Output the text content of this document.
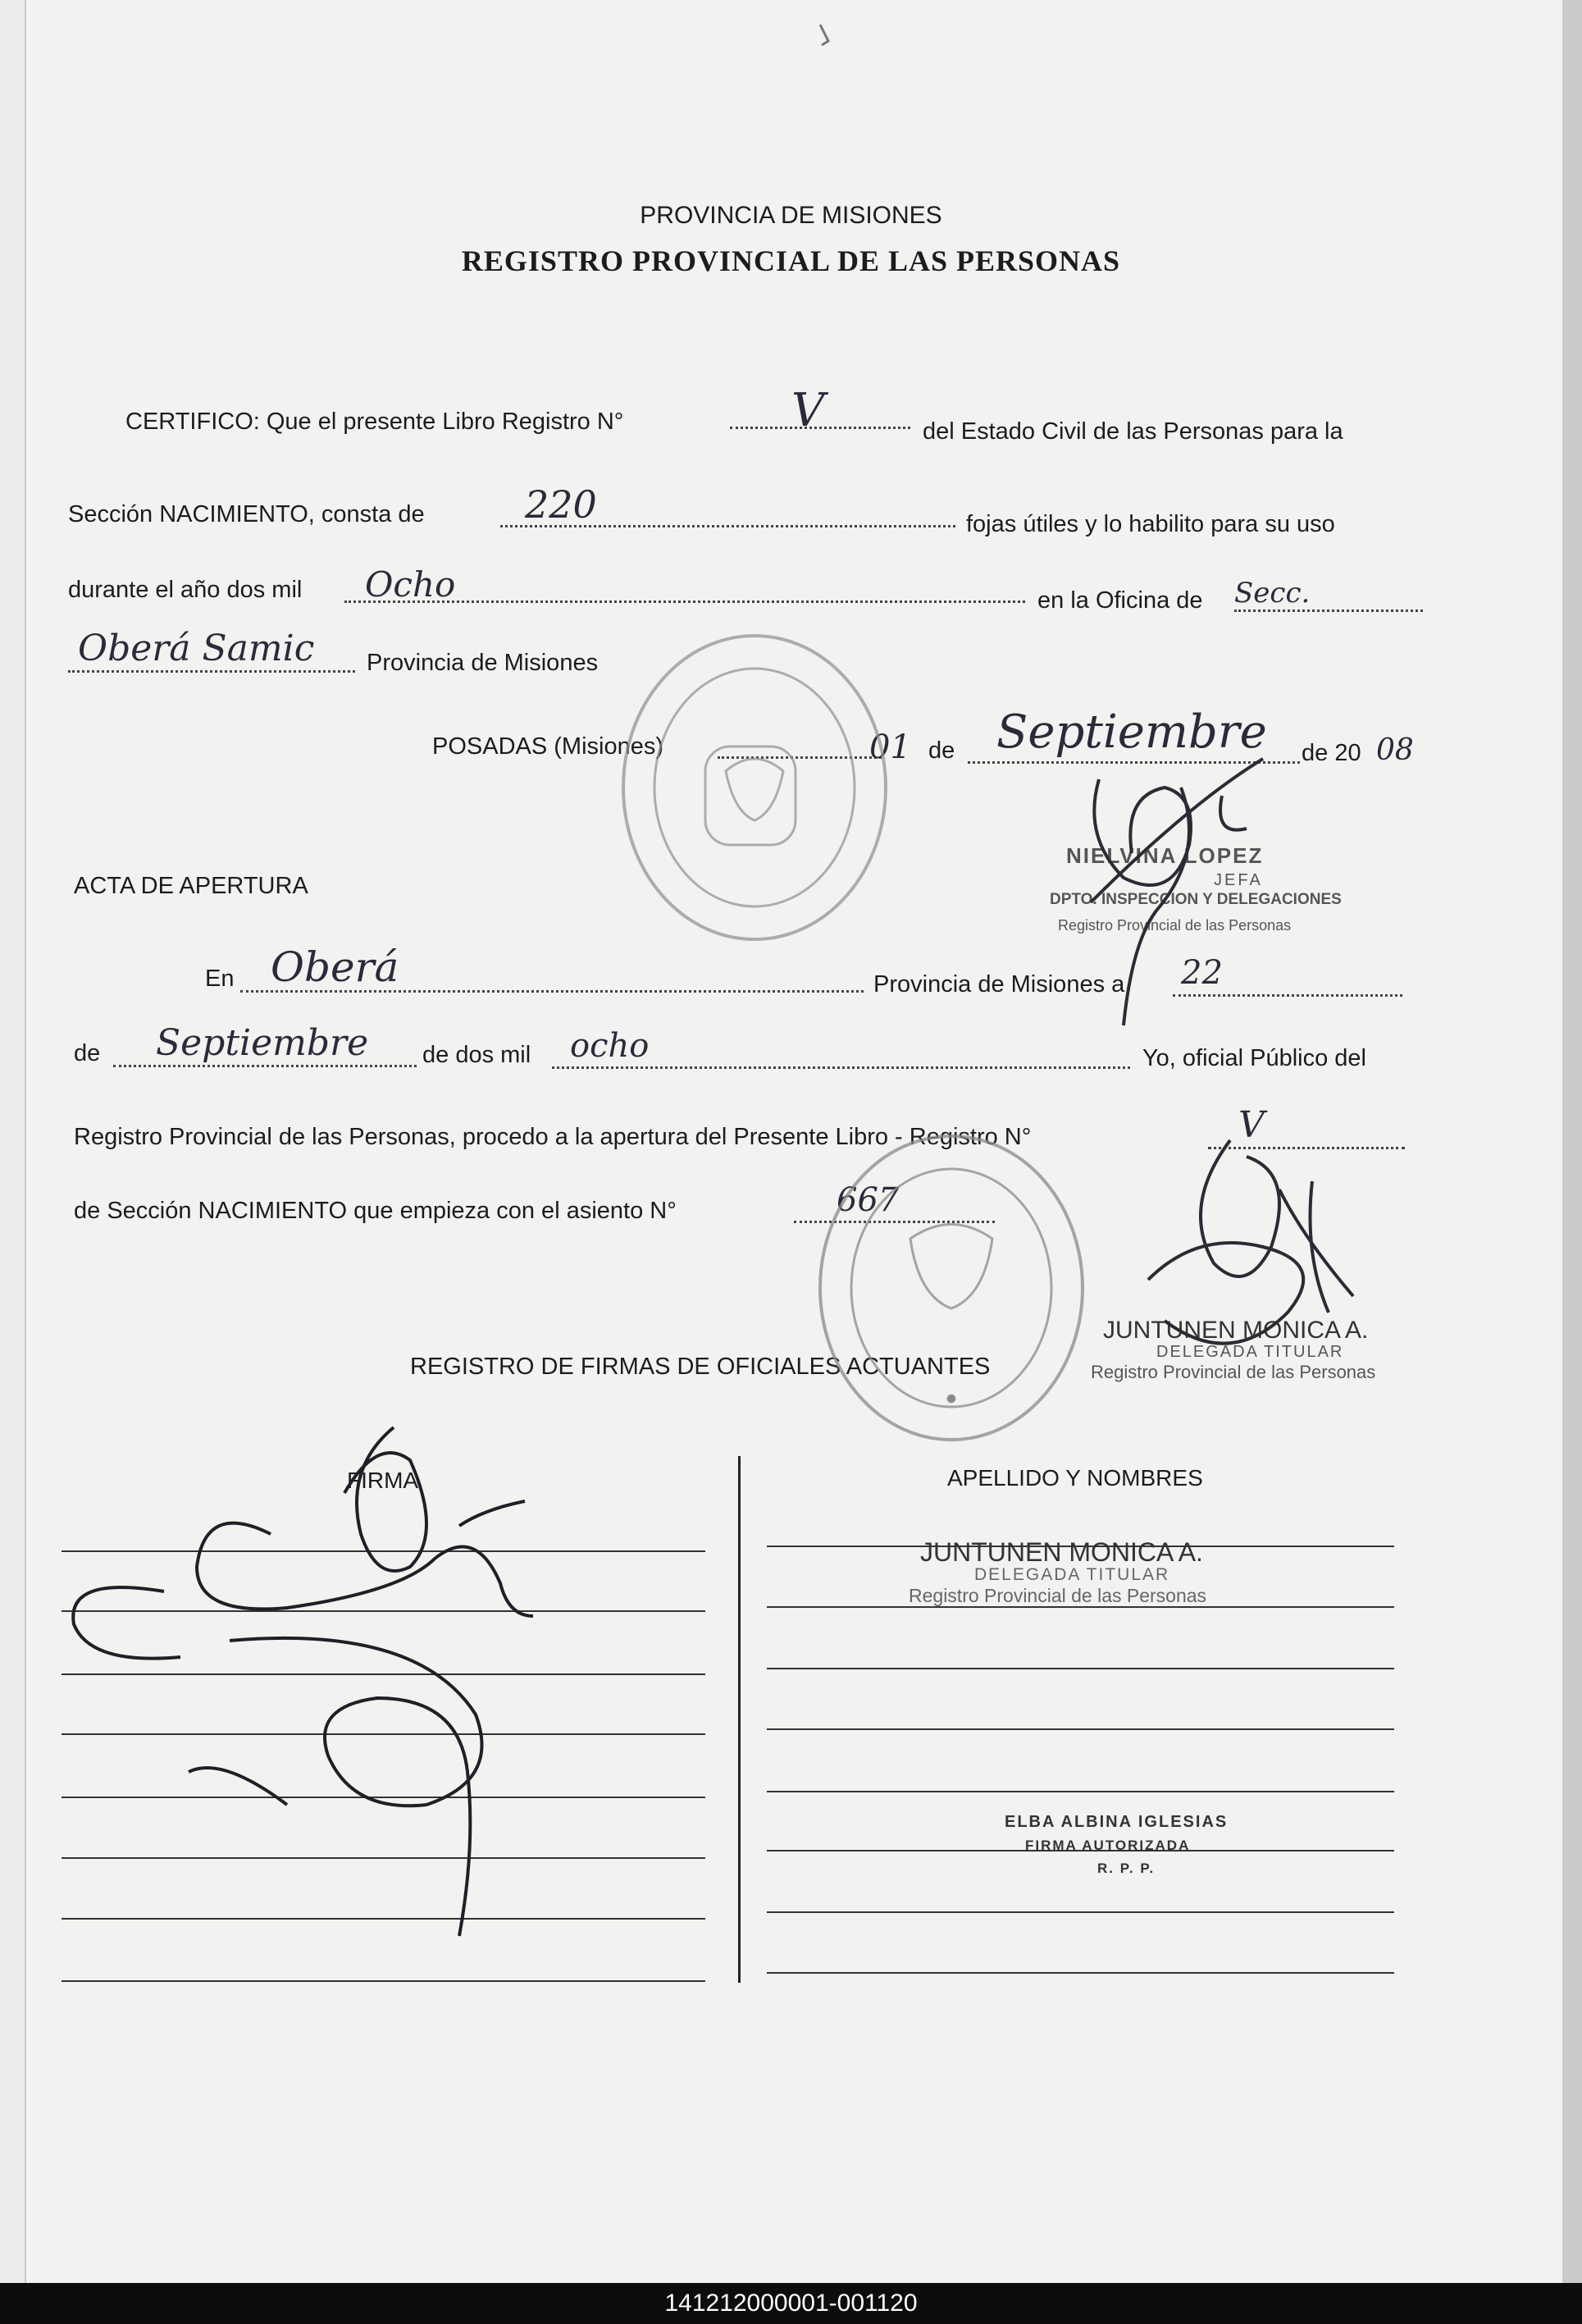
PROVINCIA DE MISIONES
REGISTRO PROVINCIAL DE LAS PERSONAS
CERTIFICO: Que el presente Libro Registro N°	V	del Estado Civil de las Personas para la
Sección NACIMIENTO, consta de	220	fojas útiles y lo habilito para su uso
durante el año dos mil Ocho	en la Oficina de Secc.
Oberá Samic Provincia de Misiones
POSADAS (Misiones)	01 de Septiembre de 20 08
NIELVINA LOPEZ
JEFA
DPTO. INSPECCION Y DELEGACIONES
Registro Provincial de las Personas
ACTA DE APERTURA
En Oberá	Provincia de Misiones a 22
de Septiembre de dos mil ocho	Yo, oficial Público del
Registro Provincial de las Personas, procedo a la apertura del Presente Libro - Registro N°	V
de Sección NACIMIENTO que empieza con el asiento N°	667
JUNTUNEN MONICA A.
DELEGADA TITULAR
Registro Provincial de las Personas
REGISTRO DE FIRMAS DE OFICIALES ACTUANTES
FIRMA	APELLIDO Y NOMBRES
JUNTUNEN MONICA A.
DELEGADA TITULAR
Registro Provincial de las Personas
ELBA ALBINA IGLESIAS
FIRMA AUTORIZADA
R. P. P.
141212000001-001120
